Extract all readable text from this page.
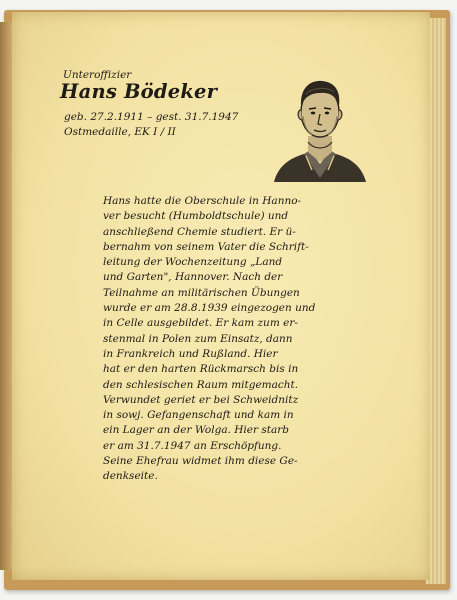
Unteroffizier

Hans Bödeker

geb. 27.2.1911 – gest. 31.7.1947

Ostmedaille, EK I / II

Hans hatte die Oberschule in Hanno-
ver besucht (Humboldtschule) und
anschließend Chemie studiert. Er ü-
bernahm von seinem Vater die Schrift-
leitung der Wochenzeitung „Land
und Garten", Hannover. Nach der
Teilnahme an militärischen Übungen
wurde er am 28.8.1939 eingezogen und
in Celle ausgebildet. Er kam zum er-
stenmal in Polen zum Einsatz, dann
in Frankreich und Rußland. Hier
hat er den harten Rückmarsch bis in
den schlesischen Raum mitgemacht.
Verwundet geriet er bei Schweidnitz
in sowj. Gefangenschaft und kam in
ein Lager an der Wolga. Hier starb
er am 31.7.1947 an Erschöpfung.
Seine Ehefrau widmet ihm diese Ge-
denkseite.
